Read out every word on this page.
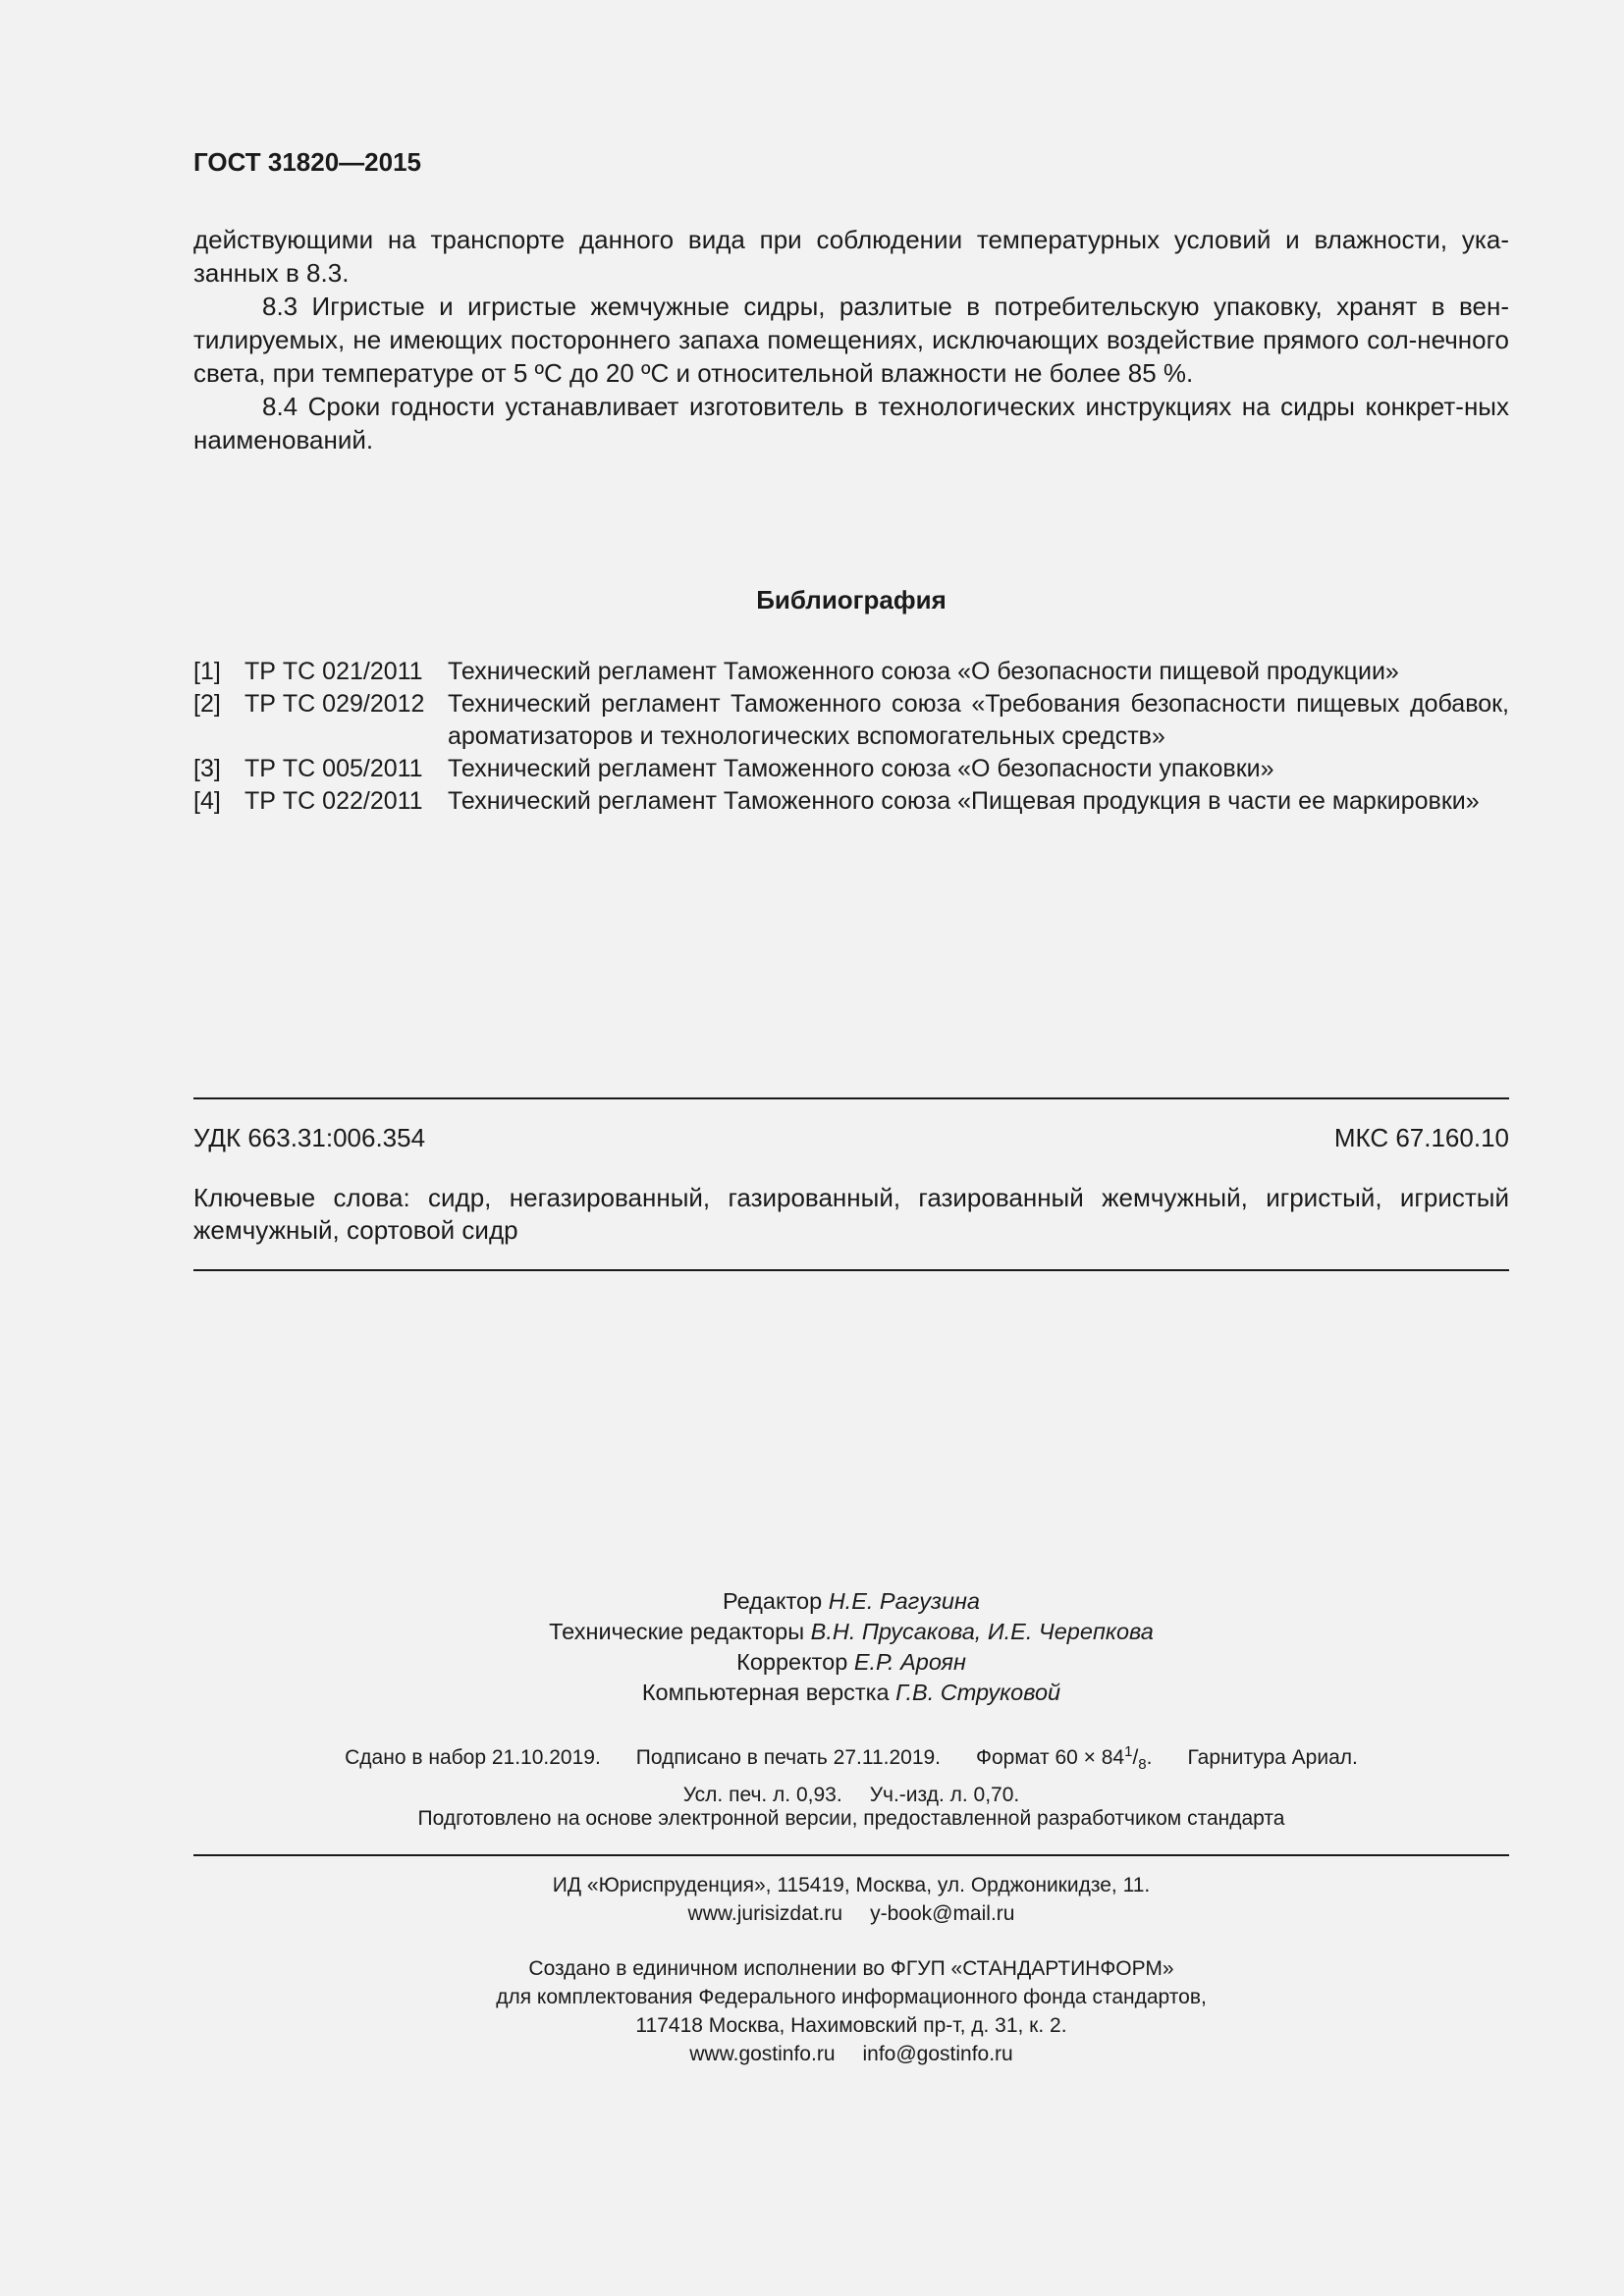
ГОСТ 31820—2015

действующими на транспорте данного вида при соблюдении температурных условий и влажности, ука-занных в 8.3.

8.3 Игристые и игристые жемчужные сидры, разлитые в потребительскую упаковку, хранят в вен-тилируемых, не имеющих постороннего запаха помещениях, исключающих воздействие прямого сол-нечного света, при температуре от 5 ºС до 20 ºС и относительной влажности не более 85 %.

8.4 Сроки годности устанавливает изготовитель в технологических инструкциях на сидры конкрет-ных наименований.

Библиография
[1] ТР ТС 021/2011	Технический регламент Таможенного союза «О безопасности пищевой продукции»
[2] ТР ТС 029/2012 Технический регламент Таможенного союза «Требования безопасности пищевых добавок, ароматизаторов и технологических вспомогательных средств»
[3] ТР ТС 005/2011	Технический регламент Таможенного союза «О безопасности упаковки»
[4] ТР ТС 022/2011	Технический регламент Таможенного союза «Пищевая продукция в части ее маркировки»
УДК 663.31:006.354	МКС 67.160.10
Ключевые слова: сидр, негазированный, газированный, газированный жемчужный, игристый, игристый жемчужный, сортовой сидр
Редактор Н.Е. Рагузина
Технические редакторы В.Н. Прусакова, И.Е. Черепкова
Корректор Е.Р. Ароян
Компьютерная верстка Г.В. Струковой
Сдано в набор 21.10.2019. Подписано в печать 27.11.2019. Формат $60 \times 84^1/_8$. Гарнитура Ариал.
Усл. печ. л. 0,93. Уч.-изд. л. 0,70.
Подготовлено на основе электронной версии, предоставленной разработчиком стандарта
ИД «Юриспруденция», 115419, Москва, ул. Орджоникидзе, 11.
www.jurisizdat.ru y-book@mail.ru
Создано в единичном исполнении во ФГУП «СТАНДАРТИНФОРМ»
для комплектования Федерального информационного фонда стандартов,
117418 Москва, Нахимовский пр-т, д. 31, к. 2.
www.gostinfo.ru info@gostinfo.ru
